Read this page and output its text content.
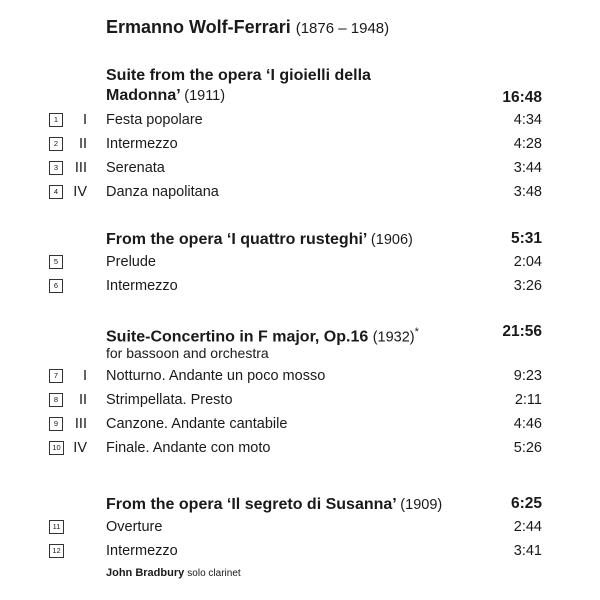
Ermanno Wolf-Ferrari (1876 – 1948)
Suite from the opera ‘I gioielli della
Madonna’ (1911)	16:48
1	I Festa popolare	4:34
2	II Intermezzo	4:28
3	III Serenata	3:44
4	IV Danza napolitana	3:48
From the opera ‘I quattro rusteghi’ (1906)	5:31
5	Prelude	2:04
6	Intermezzo	3:26
Suite-Concertino in F major, Op.16 (1932)*	21:56
for bassoon and orchestra
7	I Notturno. Andante un poco mosso	9:23
8	II Strimpellata. Presto	2:11
9	III Canzone. Andante cantabile	4:46
10 IV Finale. Andante con moto	5:26
From the opera ‘Il segreto di Susanna’ (1909)	6:25
11	Overture	2:44
12	Intermezzo	3:41
John Bradbury solo clarinet
